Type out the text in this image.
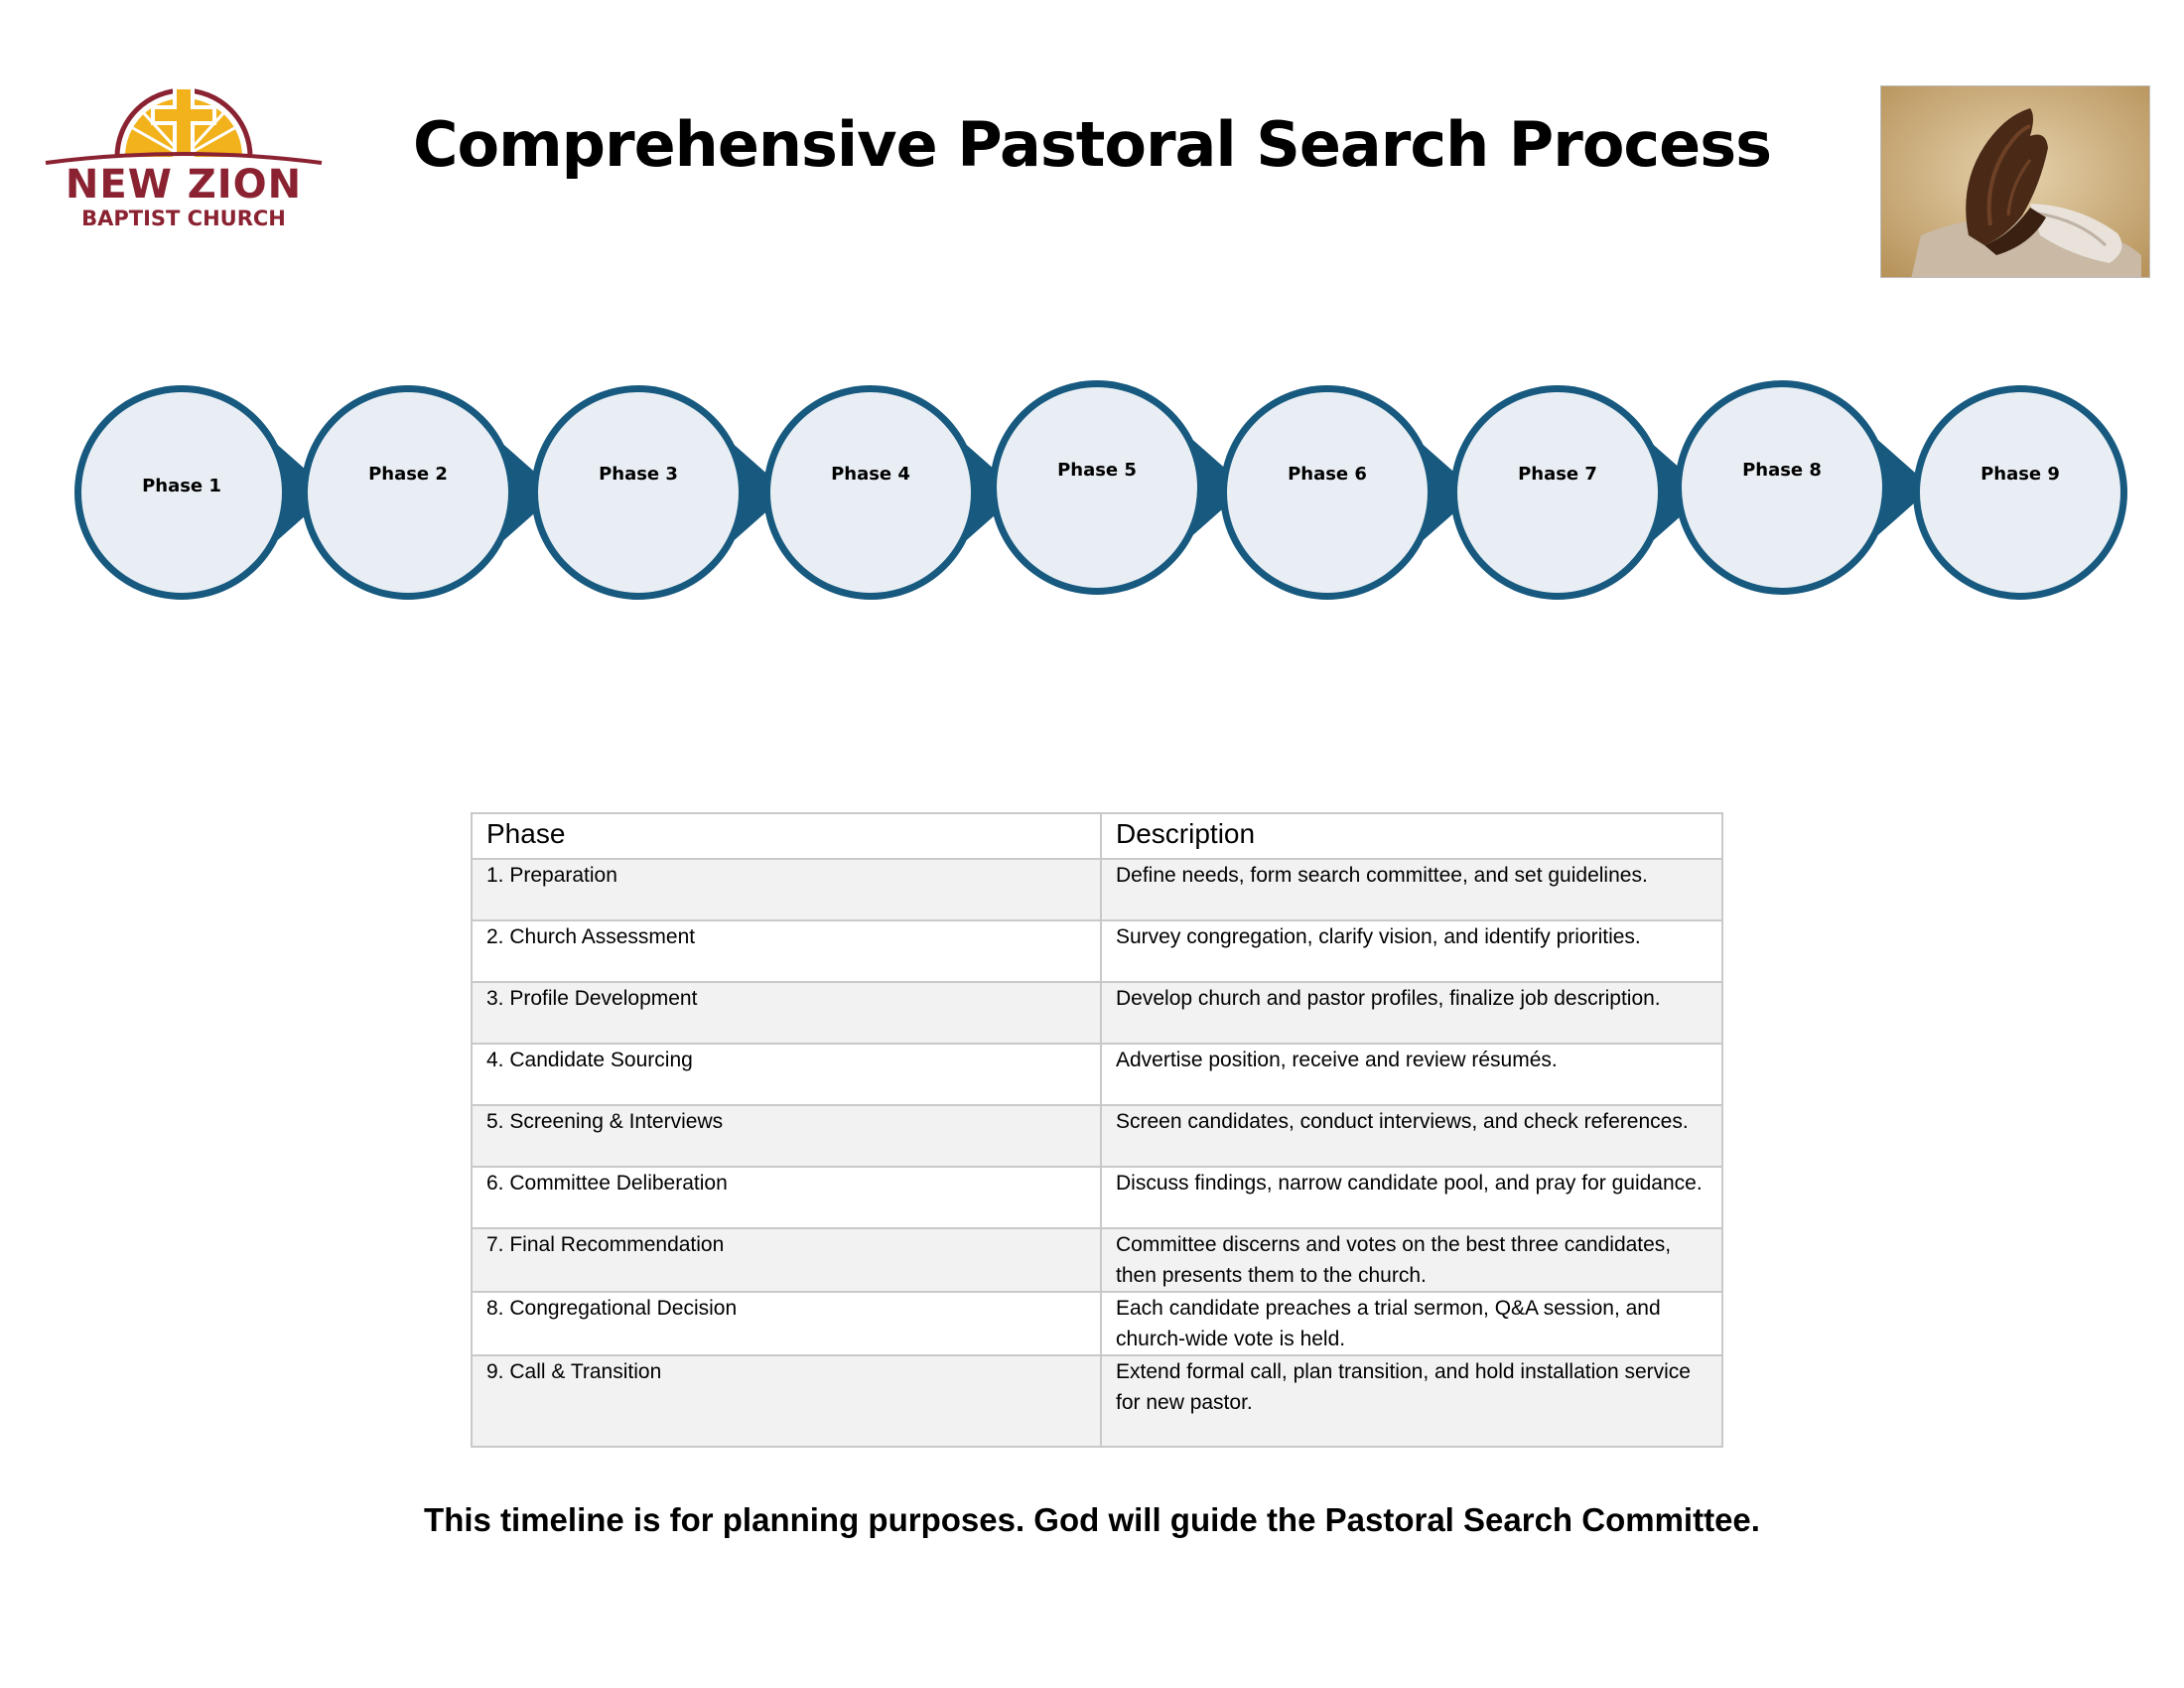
NEW ZION
BAPTIST CHURCH
Comprehensive Pastoral Search Process
Phase 1
Phase 2	Phase 3	Phase 4	Phase 5	Phase 6	Phase 7	Phase 8	Phase 9
Phase	Description
1. Preparation	Define needs, form search committee, and set guidelines.
2. Church Assessment	Survey congregation, clarify vision, and identify priorities.
3. Profile Development	Develop church and pastor profiles, finalize job description.
4. Candidate Sourcing	Advertise position, receive and review résumés.
5. Screening & Interviews	Screen candidates, conduct interviews, and check references.
6. Committee Deliberation	Discuss findings, narrow candidate pool, and pray for guidance.
7. Final Recommendation	Committee discerns and votes on the best three candidates, then presents them to the church.
8. Congregational Decision	Each candidate preaches a trial sermon, Q&A session, and church-wide vote is held.
9. Call & Transition	Extend formal call, plan transition, and hold installation service for new pastor.

This timeline is for planning purposes. God will guide the Pastoral Search Committee.
